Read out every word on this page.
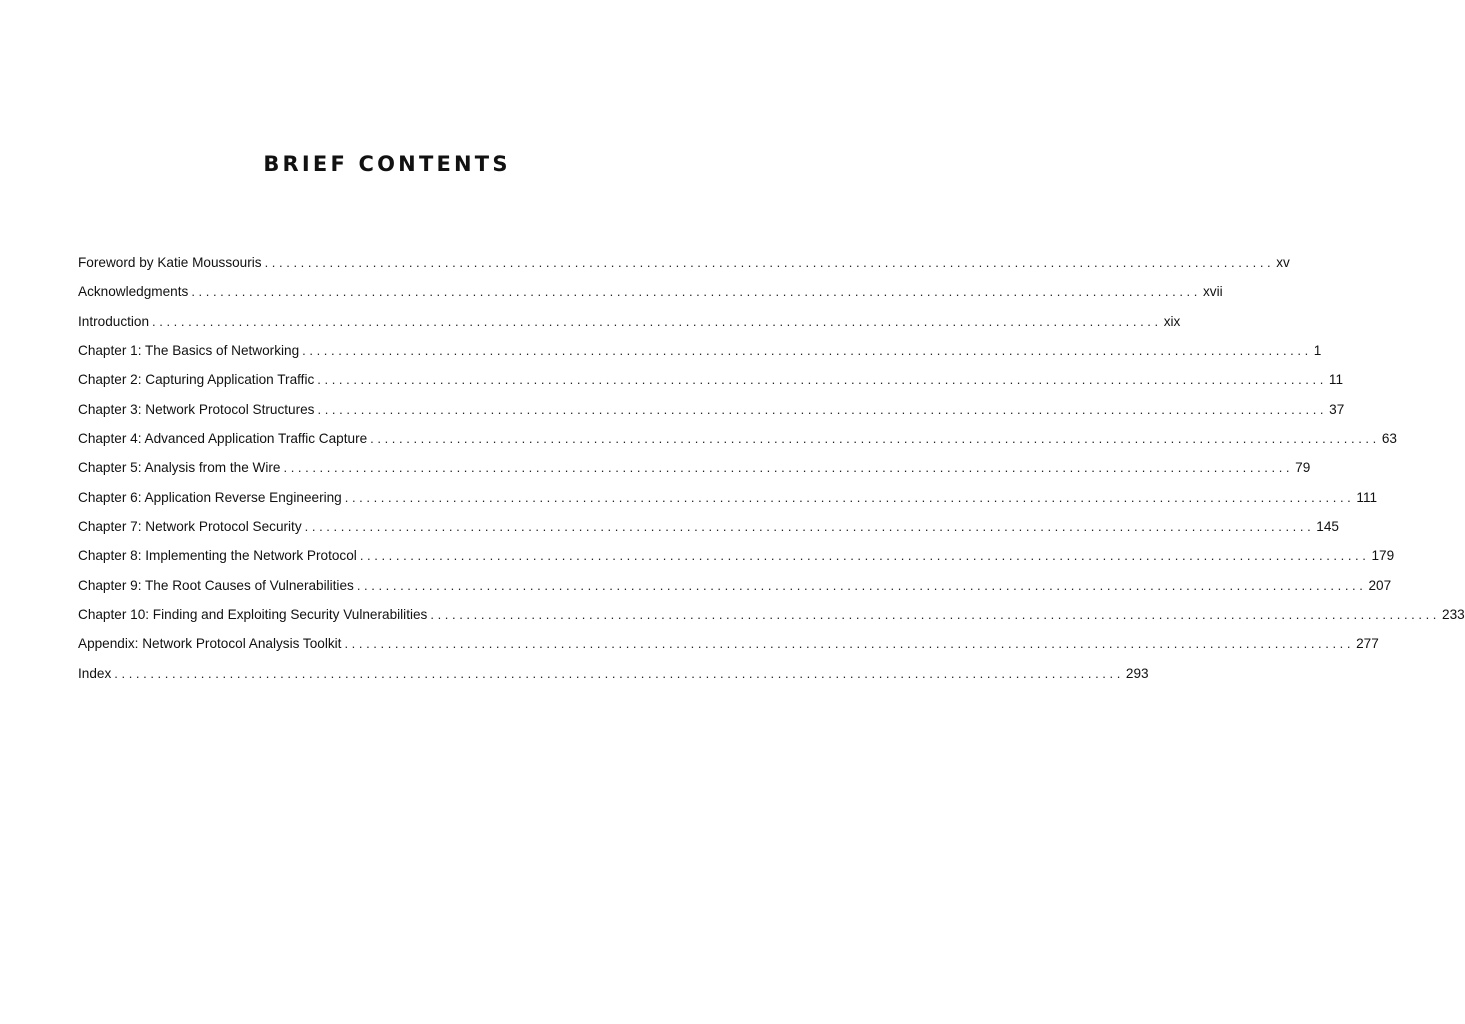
BRIEF CONTENTS
Foreword by Katie Moussouris ............................................................................................................................................ xv
Acknowledgments ............................................................................................................................................ xvii
Introduction ............................................................................................................................................ xix
Chapter 1: The Basics of Networking ............................................................................................................................................ 1
Chapter 2: Capturing Application Traffic ............................................................................................................................................ 11
Chapter 3: Network Protocol Structures ............................................................................................................................................ 37
Chapter 4: Advanced Application Traffic Capture ............................................................................................................................................ 63
Chapter 5: Analysis from the Wire ............................................................................................................................................ 79
Chapter 6: Application Reverse Engineering ............................................................................................................................................ 111
Chapter 7: Network Protocol Security ............................................................................................................................................ 145
Chapter 8: Implementing the Network Protocol ............................................................................................................................................ 179
Chapter 9: The Root Causes of Vulnerabilities ............................................................................................................................................ 207
Chapter 10: Finding and Exploiting Security Vulnerabilities ............................................................................................................................................ 233
Appendix: Network Protocol Analysis Toolkit ............................................................................................................................................ 277
Index ............................................................................................................................................ 293
